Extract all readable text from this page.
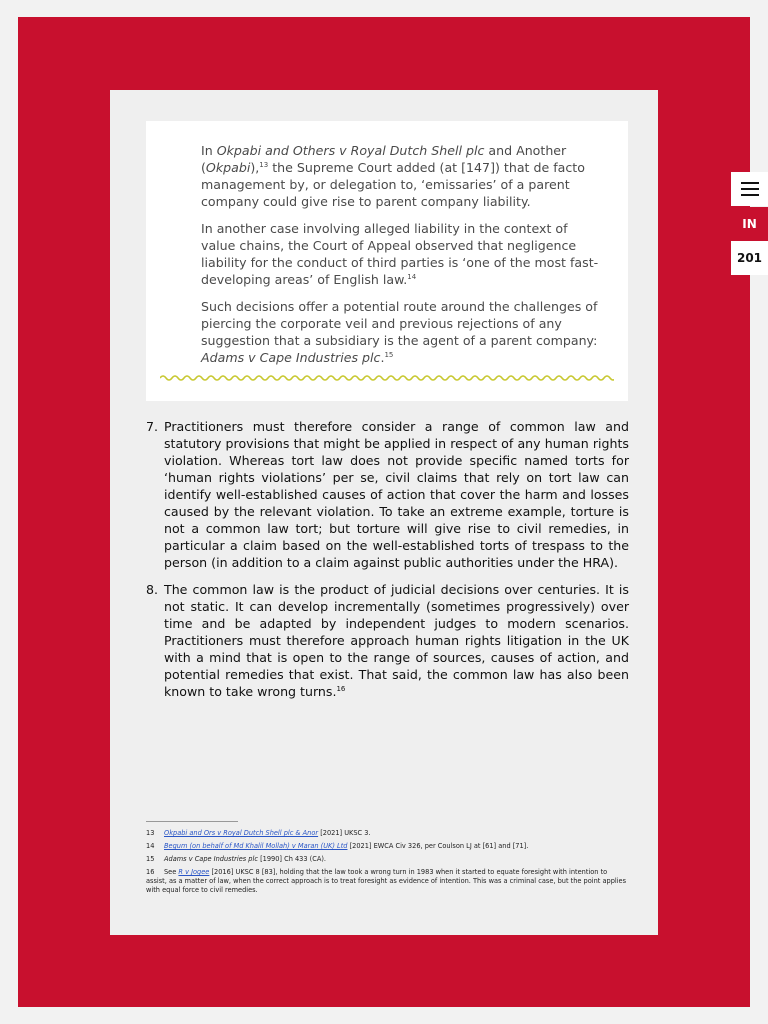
In Okpabi and Others v Royal Dutch Shell plc and Another (Okpabi),$^{13}$ the Supreme Court added (at [147]) that de facto management by, or delegation to, ‘emissaries’ of a parent company could give rise to parent company liability.

In another case involving alleged liability in the context of value chains, the Court of Appeal observed that negligence liability for the conduct of third parties is ‘one of the most fast-developing areas’ of English law.$^{14}$

Such decisions offer a potential route around the challenges of piercing the corporate veil and previous rejections of any suggestion that a subsidiary is the agent of a parent company: Adams v Cape Industries plc.$^{15}$

7. Practitioners must therefore consider a range of common law and statutory provisions that might be applied in respect of any human rights violation. Whereas tort law does not provide specific named torts for ‘human rights violations’ per se, civil claims that rely on tort law can identify well-established causes of action that cover the harm and losses caused by the relevant violation. To take an extreme example, torture is not a common law tort; but torture will give rise to civil remedies, in particular a claim based on the well-established torts of trespass to the person (in addition to a claim against public authorities under the HRA).
8. The common law is the product of judicial decisions over centuries. It is not static. It can develop incrementally (sometimes progressively) over time and be adapted by independent judges to modern scenarios. Practitioners must therefore approach human rights litigation in the UK with a mind that is open to the range of sources, causes of action, and potential remedies that exist. That said, the common law has also been known to take wrong turns.$^{16}$
13 Okpabi and Ors v Royal Dutch Shell plc & Anor [2021] UKSC 3.
14 Begum (on behalf of Md Khalil Mollah) v Maran (UK) Ltd [2021] EWCA Civ 326, per Coulson LJ at [61] and [71].
15 Adams v Cape Industries plc [1990] Ch 433 (CA).
16 See R v Jogee [2016] UKSC 8 [83], holding that the law took a wrong turn in 1983 when it started to equate foresight with intention to assist, as a matter of law, when the correct approach is to treat foresight as evidence of intention. This was a criminal case, but the point applies with equal force to civil remedies.
IN
201
